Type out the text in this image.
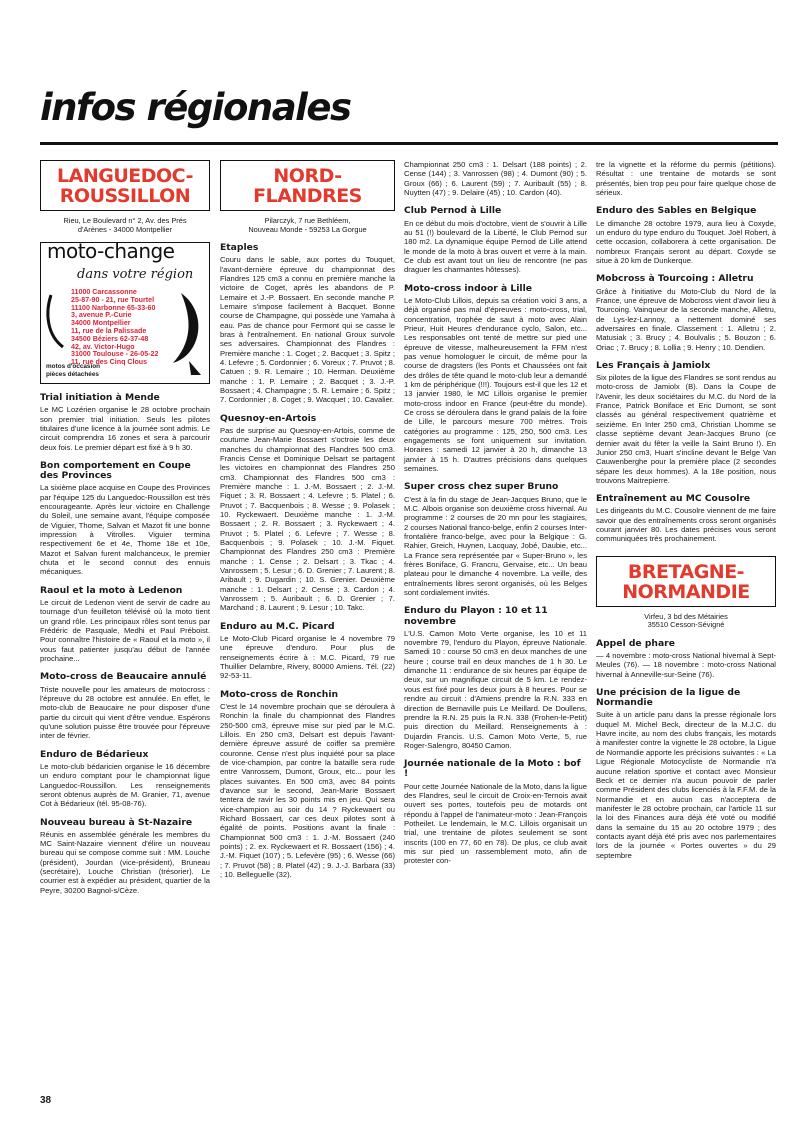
infos régionales
LANGUEDOC-
ROUSSILLON
Rieu, Le Boulevard n° 2, Av. des Prés
d'Arènes - 34000 Montpellier
moto-change
dans votre région
11000 Carcassonne
25-87-90 - 21, rue Tourtel
11100 Narbonne 65-33-60
3, avenue P.-Curie
34000 Montpellier
11, rue de la Palissade
34500 Béziers 62-37-48
42, av. Victor-Hugo
31000 Toulouse - 26-05-22
11, rue des Cinq Clous
motos d'occasion
pièces détachées
Trial initiation à Mende

Le MC Lozérien organise le 28 octobre prochain son premier trial initiation. Seuls les pilotes titulaires d'une licence à la journée sont admis. Le circuit comprendra 16 zones et sera à parcourir deux fois. Le premier départ est fixé à 9 h 30.

Bon comportement en Coupe des Provinces

La sixième place acquise en Coupe des Provinces par l'équipe 125 du Languedoc-Roussillon est très encourageante. Après leur victoire en Challenge du Soleil, une semaine avant, l'équipe composée de Viguier, Thome, Salvan et Mazot fit une bonne impression à Vitrolles. Viguier termina respectivement 6e et 4e, Thome 18e et 10e, Mazot et Salvan furent malchanceux, le premier chuta et le second connut des ennuis mécaniques.

Raoul et la moto à Ledenon

Le circuit de Ledenon vient de servir de cadre au tournage d'un feuilleton télévisé où la moto tient un grand rôle. Les principaux rôles sont tenus par Frédéric de Pasquale, Medhi et Paul Préboist. Pour connaître l'histoire de « Raoul et la moto », il vous faut patienter jusqu'au début de l'année prochaine...

Moto-cross de Beaucaire annulé

Triste nouvelle pour les amateurs de motocross : l'épreuve du 28 octobre est annulée. En effet, le moto-club de Beaucaire ne pour disposer d'une partie du circuit qui vient d'être vendue. Espérons qu'une solution puisse être trouvée pour l'épreuve inter de février.

Enduro de Bédarieux

Le moto-club bédaricien organise le 16 décembre un enduro comptant pour le championnat ligue Languedoc-Roussillon. Les renseignements seront obtenus auprès de M. Granier, 71, avenue Cot à Bédarieux (tél. 95-08-76).

Nouveau bureau à St-Nazaire

Réunis en assemblée générale les membres du MC Saint-Nazaire viennent d'élire un nouveau bureau qui se compose comme suit : MM. Louche (président), Jourdan (vice-président), Bruneau (secrétaire), Louche Christian (trésorier). Le courrier est à expédier au président, quartier de la Peyre, 30200 Bagnol-s/Cèze.

NORD-
FLANDRES
Pilarczyk, 7 rue Bethléem,
Nouveau Monde - 59253 La Gorgue
Etaples

Couru dans le sable, aux portes du Touquet, l'avant-dernière épreuve du championnat des Flandres 125 cm3 a connu en première manche la victoire de Coget, après les abandons de P. Lemaire et J.-P. Bossaert. En seconde manche P. Lemaire s'impose facilement à Bacquet. Bonne course de Champagne, qui possède une Yamaha à eau. Pas de chance pour Fermont qui se casse le bras à l'entraînement. En national Groux survole ses adversaires. Championnat des Flandres : Première manche : 1. Coget ; 2. Bacquet ; 3. Spitz ; 4. Lefevre ; 5. Cordonnier ; 6. Voreux ; 7. Pruvot ; 8. Catuen ; 9. R. Lemaire ; 10. Herman. Deuxième manche : 1. P. Lemaire ; 2. Bacquet ; 3. J.-P. Bossaert ; 4. Champagne ; 5. R. Lemaire ; 6. Spitz ; 7. Cordonnier ; 8. Coget ; 9. Wacquet ; 10. Cavalier.

Quesnoy-en-Artois

Pas de surprise au Quesnoy-en-Artois, comme de coutume Jean-Marie Bossaert s'octroie les deux manches du championnat des Flandres 500 cm3. Francis Cense et Dominique Delsart se partagent les victoires en championnat des Flandres 250 cm3. Championnat des Flandres 500 cm3 : Première manche : 1. J.-M. Bossaert ; 2. J.-M. Fiquet ; 3. R. Bossaert ; 4. Lefevre ; 5. Platel ; 6. Pruvot ; 7. Bacquenbois ; 8. Wesse ; 9. Polasek ; 10. Ryckewaert. Deuxième manche : 1. J.-M. Bossaert ; 2. R. Bossaert ; 3. Ryckewaert ; 4. Pruvot ; 5. Platel ; 6. Lefevre ; 7. Wesse ; 8. Bacquenbois ; 9. Polasek ; 10. J.-M. Fiquet. Championnat des Flandres 250 cm3 : Première manche : 1. Cense ; 2. Delsart ; 3. Tkac ; 4. Vanrossem ; 5. Lesur ; 6. D. Grenier ; 7. Laurent ; 8. Aribault ; 9. Dugardin ; 10. S. Grenier. Deuxième manche : 1. Delsart ; 2. Cense ; 3. Cardon ; 4. Vanrossem ; 5. Auribault ; 6. D. Grenier ; 7. Marchand ; 8. Laurent ; 9. Lesur ; 10. Takc.

Enduro au M.C. Picard

Le Moto-Club Picard organise le 4 novembre 79 une épreuve d'enduro. Pour plus de renseignements écrire à : M.C. Picard, 79 rue Thuillier Delambre, Rivery, 80000 Amiens. Tél. (22) 92-53-11.

Moto-cross de Ronchin

C'est le 14 novembre prochain que se déroulera à Ronchin la finale du championnat des Flandres 250-500 cm3, épreuve mise sur pied par le M.C. Lillois. En 250 cm3, Delsart est depuis l'avant-dernière épreuve assuré de coiffer sa première couronne. Cense n'est plus inquiété pour sa place de vice-champion, par contre la bataille sera rude entre Vanrossem, Dumont, Groux, etc... pour les places suivantes. En 500 cm3, avec 84 points d'avance sur le second, Jean-Marie Bossaert tentera de ravir les 30 points mis en jeu. Qui sera vice-champion au soir du 14 ? Ryckewaert ou Richard Bossaert, car ces deux pilotes sont à égalité de points. Positions avant la finale : Championnat 500 cm3 : 1. J.-M. Bossaert (240 points) ; 2. ex. Ryckewaert et R. Bossaert (156) ; 4. J.-M. Fiquet (107) ; 5. Lefevère (95) ; 6. Wesse (66) ; 7. Pruvot (58) ; 8. Platel (42) ; 9. J.-J. Barbara (33) ; 10. Belleguelle (32).

Championnat 250 cm3 : 1. Delsart (188 points) ; 2. Cense (144) ; 3. Vanrossen (98) ; 4. Dumont (90) ; 5. Groux (66) ; 6. Laurent (59) ; 7. Auribault (55) ; 8. Nuytten (47) ; 9. Delaire (45) ; 10. Cardon (40).

Club Pernod à Lille

En ce début du mois d'octobre, vient de s'ouvrir à Lille au 51 (!) boulevard de la Liberté, le Club Pernod sur 180 m2. La dynamique équipe Pernod de Lille attend le monde de la moto à bras ouvert et verre à la main. Ce club est avant tout un lieu de rencontre (ne pas draguer les charmantes hôtesses).

Moto-cross indoor à Lille

Le Moto-Club Lillois, depuis sa création voici 3 ans, a déjà organisé pas mal d'épreuves : moto-cross, trial, concentration, trophée de saut à moto avec Alain Prieur, Huit Heures d'endurance cyclo, Salon, etc... Les responsables ont tenté de mettre sur pied une épreuve de vitesse, malheureusement la FFM n'est pas venue homologuer le circuit, de même pour la course de dragsters (les Ponts et Chaussées ont fait des drôles de tête quand le moto-club leur a demandé 1 km de périphérique (!!!). Toujours est-il que les 12 et 13 janvier 1980, le MC Lillois organise le premier moto-cross indoor en France (peut-être du monde). Ce cross se déroulera dans le grand palais de la foire de Lille, le parcours mesure 700 mètres. Trois catégories au programme : 125, 250, 500 cm3. Les engagements se font uniquement sur invitation. Horaires : samedi 12 janvier à 20 h, dimanche 13 janvier à 15 h. D'autres précisions dans quelques semaines.

Super cross chez super Bruno

C'est à la fin du stage de Jean-Jacques Bruno, que le M.C. Albois organise son deuxième cross hivernal. Au programme : 2 courses de 20 mn pour les stagiaires, 2 courses National franco-belge, enfin 2 courses Inter-frontalière franco-belge, avec pour la Belgique : G. Rahier, Greich, Huynen, Lacquay, Jobé, Daubie, etc... La France sera représentée par « Super-Bruno », les frères Boniface, G. Francru, Gervaise, etc... Un beau plateau pour le dimanche 4 novembre. La veille, des entraînements libres seront organisés, où les Belges sont cordialement invités.

Enduro du Playon : 10 et 11 novembre

L'U.S. Camon Moto Verte organise, les 10 et 11 novembre 79, l'enduro du Playon, épreuve Nationale. Samedi 10 : course 50 cm3 en deux manches de une heure ; course trail en deux manches de 1 h 30. Le dimanche 11 : endurance de six heures par équipe de deux, sur un magnifique circuit de 5 km. Le rendez-vous est fixé pour les deux jours à 8 heures. Pour se rendre au circuit : d'Amiens prendre la R.N. 333 en direction de Bernaville puis Le Meillard. De Doullens, prendre la R.N. 25 puis la R.N. 338 (Frohen-le-Petit) puis direction du Meillard. Renseignements à : Dujardin Francis. U.S. Camon Moto Verte, 5, rue Roger-Salengro, 80450 Camon.

Journée nationale de la Moto : bof !

Pour cette Journée Nationale de la Moto, dans la ligue des Flandres, seul le circuit de Croix-en-Ternois avait ouvert ses portes, toutefois peu de motards ont répondu à l'appel de l'animateur-moto : Jean-François Potheilet. Le lendemain, le M.C. Lillois organisait un trial, une trentaine de pilotes seulement se sont inscrits (100 en 77, 60 en 78). De plus, ce club avait mis sur pied un rassemblement moto, afin de protester con-

tre la vignette et la réforme du permis (pétitions). Résultat : une trentaine de motards se sont présentés, bien trop peu pour faire quelque chose de sérieux.

Enduro des Sables en Belgique

Le dimanche 28 octobre 1979, aura lieu à Coxyde, un enduro du type enduro du Touquet. Joël Robert, à cette occasion, collaborera à cette organisation. De nombreux Français seront au départ. Coxyde se situe à 20 km de Dunkerque.

Mobcross à Tourcoing : Alletru

Grâce à l'initiative du Moto-Club du Nord de la France, une épreuve de Mobcross vient d'avoir lieu à Tourcoing. Vainqueur de la seconde manche, Alletru, de Lys-lez-Lannoy, a nettement dominé ses adversaires en finale. Classement : 1. Alletru ; 2. Matusiak ; 3. Brucy ; 4. Boulvalis ; 5. Bouzon ; 6. Oriac ; 7. Brucy ; 8. Lollia ; 9. Henry ; 10. Dendien.

Les Français à Jamiolx

Six pilotes de la ligue des Flandres se sont rendus au moto-cross de Jamiolx (B). Dans la Coupe de l'Avenir, les deux sociétaires du M.C. du Nord de la France, Patrick Boniface et Eric Dumont, se sont classés au général respectivement quatrième et seizième. En Inter 250 cm3, Christian Lhomme se classe septième devant Jean-Jacques Bruno (ce dernier avait du fêter la veille la Saint Bruno !). En Junior 250 cm3, Huart s'incline devant le Belge Van Cauwenberghe pour la première place (2 secondes sépare les deux hommes). A la 18e position, nous trouvons Maitrepierre.

Entraînement au MC Cousolre

Les dirigeants du M.C. Cousolre viennent de me faire savoir que des entraînements cross seront organisés courant janvier 80. Les dates précises vous seront communiquées très prochainement.

BRETAGNE-
NORMANDIE
Virfeu, 3 bd des Métairies
35510 Cesson-Sévigné
Appel de phare

— 4 novembre : moto-cross National hivernal à Sept-Meules (76). — 18 novembre : moto-cross National hivernal à Anneville-sur-Seine (76).

Une précision de la ligue de Normandie

Suite à un article paru dans la presse régionale lors duquel M. Michel Beck, directeur de la M.J.C. du Havre incite, au nom des clubs français, les motards à manifester contre la vignette le 28 octobre, la Ligue de Normandie apporte les précisions suivantes : « La Ligue Régionale Motocycliste de Normandie n'a aucune relation sportive et contact avec Monsieur Beck et ce dernier n'a aucun pouvoir de parler comme Président des clubs licenciés à la F.F.M. de la Normandie et en aucun cas n'acceptera de manifester le 28 octobre prochain, car l'article 11 sur la loi des Finances aura déjà été voté ou modifié dans la semaine du 15 au 20 octobre 1979 ; des contacts ayant déjà été pris avec nos parlementaires lors de la journée « Portes ouvertes » du 29 septembre

38
